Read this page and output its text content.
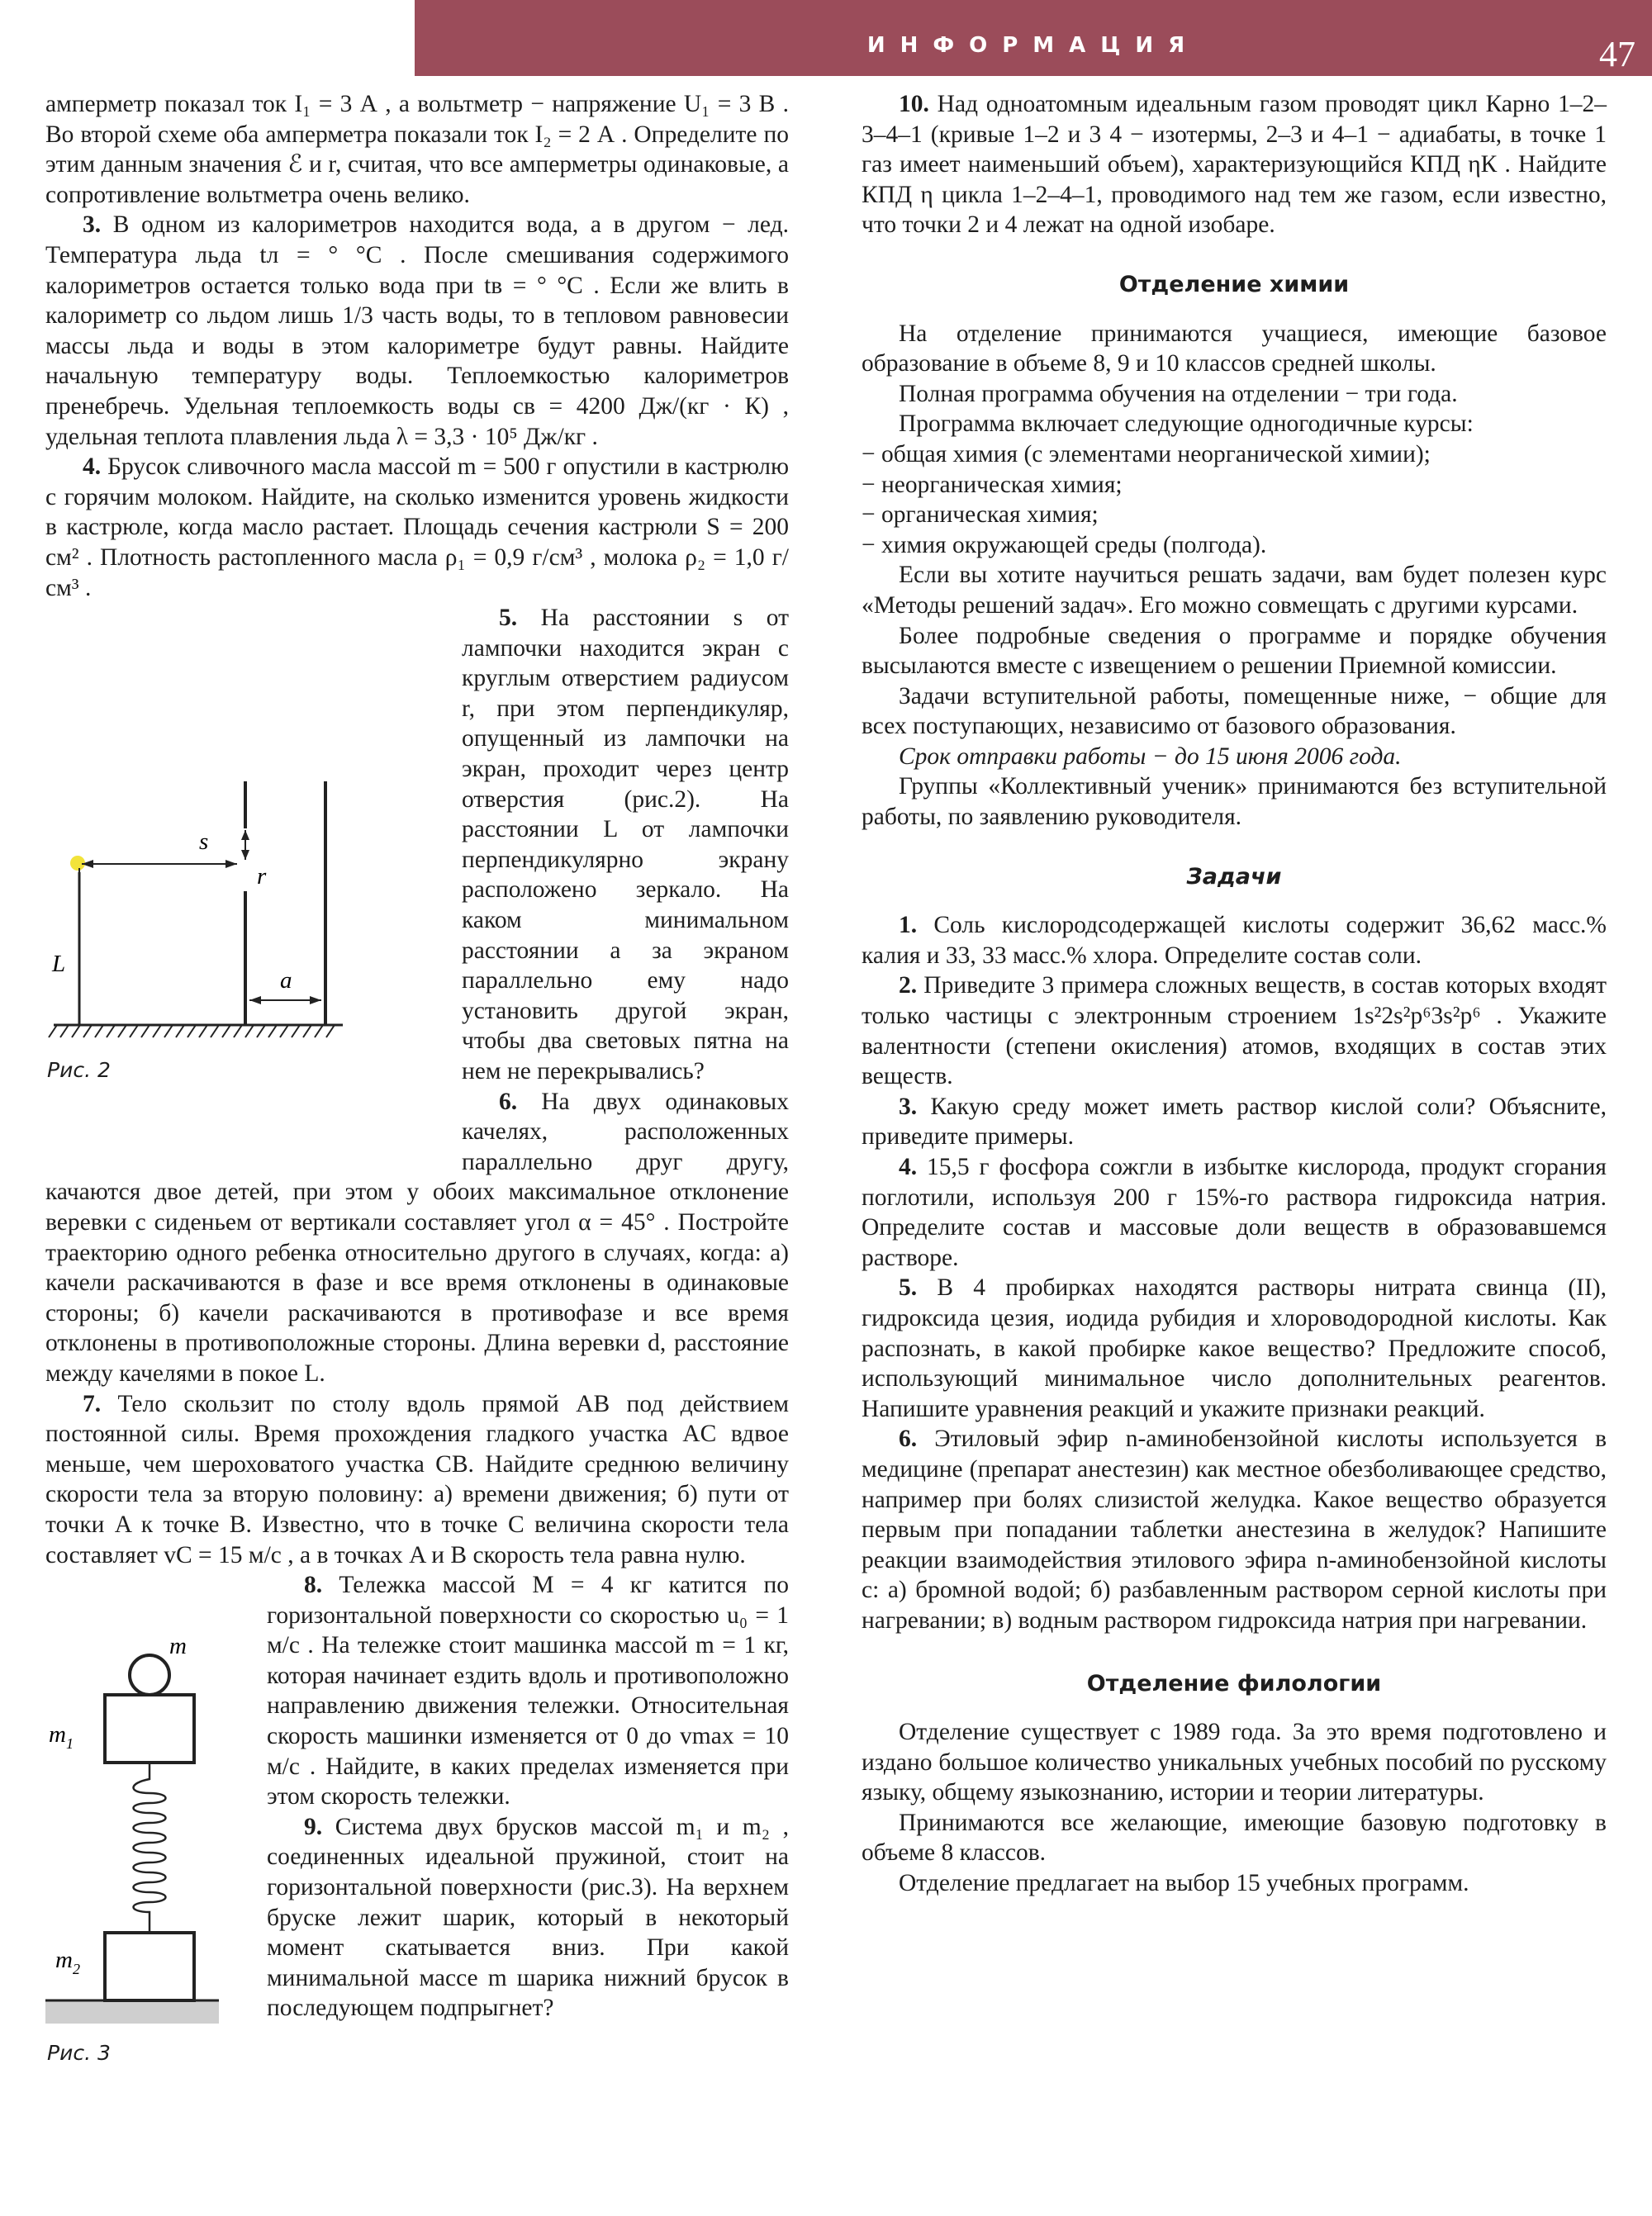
ИНФОРМАЦИЯ	47

амперметр показал ток I₁ = 3 А , а вольтметр − напряжение U₁ = 3 В . Во второй схеме оба амперметра показали ток I₂ = 2 А . Определите по этим данным значения ℰ и r, считая, что все амперметры одинаковые, а сопротивление вольтметра очень велико.

3. В одном из калориметров находится вода, а в другом − лед. Температура льда tл = ° °С . После смешивания содержимого калориметров остается только вода при tв = ° °С . Если же влить в калориметр со льдом лишь 1/3 часть воды, то в тепловом равновесии массы льда и воды в этом калориметре будут равны. Найдите начальную температуру воды. Теплоемкостью калориметров пренебречь. Удельная теплоемкость воды cв = 4200 Дж/(кг · К) , удельная теплота плавления льда λ = 3,3 · 10⁵ Дж/кг .

4. Брусок сливочного масла массой m = 500 г опустили в кастрюлю с горячим молоком. Найдите, на сколько изменится уровень жидкости в кастрюле, когда масло растает. Площадь сечения кастрюли S = 200 см² . Плотность растопленного масла ρ₁ = 0,9 г/см³ , молока ρ₂ = 1,0 г/см³ .

s
r
L
a
Рис. 2

5. На расстоянии s от лампочки находится экран с круглым отверстием радиусом r, при этом перпендикуляр, опущенный из лампочки на экран, проходит через центр отверстия (рис.2). На расстоянии L от лампочки перпендикулярно экрану расположено зеркало. На каком минимальном расстоянии a за экраном параллельно ему надо установить другой экран, чтобы два световых пятна на нем не перекрывались?

6. На двух одинаковых качелях, расположенных параллельно друг другу, качаются двое детей, при этом у обоих максимальное отклонение веревки с сиденьем от вертикали составляет угол α = 45° . Постройте траекторию одного ребенка относительно другого в случаях, когда: а) качели раскачиваются в фазе и все время отклонены в одинаковые стороны; б) качели раскачиваются в противофазе и все время отклонены в противоположные стороны. Длина веревки d, расстояние между качелями в покое L.

7. Тело скользит по столу вдоль прямой AB под действием постоянной силы. Время прохождения гладкого участка AC вдвое меньше, чем шероховатого участка CB. Найдите среднюю величину скорости тела за вторую половину: а) времени движения; б) пути от точки A к точке B. Известно, что в точке C величина скорости тела составляет vC = 15 м/с , а в точках A и B скорость тела равна нулю.

m
$m_1$
$m_2$
Рис. 3

8. Тележка массой M = 4 кг катится по горизонтальной поверхности со скоростью u₀ = 1 м/с . На тележке стоит машинка массой m = 1 кг, которая начинает ездить вдоль и противоположно направлению движения тележки. Относительная скорость машинки изменяется от 0 до vmax = 10 м/с . Найдите, в каких пределах изменяется при этом скорость тележки.

9. Система двух брусков массой m₁ и m₂ , соединенных идеальной пружиной, стоит на горизонтальной поверхности (рис.3). На верхнем бруске лежит шарик, который в некоторый момент скатывается вниз. При какой минимальной массе m шарика нижний брусок в последующем подпрыгнет?

10. Над одноатомным идеальным газом проводят цикл Карно 1–2–3–4–1 (кривые 1–2 и 3 4 − изотермы, 2–3 и 4–1 − адиабаты, в точке 1 газ имеет наименьший объем), характеризующийся КПД ηК . Найдите КПД η цикла 1–2–4–1, проводимого над тем же газом, если известно, что точки 2 и 4 лежат на одной изобаре.

Отделение химии

На отделение принимаются учащиеся, имеющие базовое образование в объеме 8, 9 и 10 классов средней школы.

Полная программа обучения на отделении − три года.

Программа включает следующие одногодичные курсы:

− общая химия (с элементами неорганической химии);

− неорганическая химия;

− органическая химия;

− химия окружающей среды (полгода).

Если вы хотите научиться решать задачи, вам будет полезен курс «Методы решений задач». Его можно совмещать с другими курсами.

Более подробные сведения о программе и порядке обучения высылаются вместе с извещением о решении Приемной комиссии.

Задачи вступительной работы, помещенные ниже, − общие для всех поступающих, независимо от базового образования.

Срок отправки работы − до 15 июня 2006 года.

Группы «Коллективный ученик» принимаются без вступительной работы, по заявлению руководителя.

Задачи

1. Соль кислородсодержащей кислоты содержит 36,62 масс.% калия и 33, 33 масс.% хлора. Определите состав соли.

2. Приведите 3 примера сложных веществ, в состав которых входят только частицы с электронным строением 1s²2s²p⁶3s²p⁶ . Укажите валентности (степени окисления) атомов, входящих в состав этих веществ.

3. Какую среду может иметь раствор кислой соли? Объясните, приведите примеры.

4. 15,5 г фосфора сожгли в избытке кислорода, продукт сгорания поглотили, используя 200 г 15%-го раствора гидроксида натрия. Определите состав и массовые доли веществ в образовавшемся растворе.

5. В 4 пробирках находятся растворы нитрата свинца (II), гидроксида цезия, иодида рубидия и хлороводородной кислоты. Как распознать, в какой пробирке какое вещество? Предложите способ, использующий минимальное число дополнительных реагентов. Напишите уравнения реакций и укажите признаки реакций.

6. Этиловый эфир n-аминобензойной кислоты используется в медицине (препарат анестезин) как местное обезболивающее средство, например при болях слизистой желудка. Какое вещество образуется первым при попадании таблетки анестезина в желудок? Напишите реакции взаимодействия этилового эфира n-аминобензойной кислоты с: а) бромной водой; б) разбавленным раствором серной кислоты при нагревании; в) водным раствором гидроксида натрия при нагревании.

Отделение филологии

Отделение существует с 1989 года. За это время подготовлено и издано большое количество уникальных учебных пособий по русскому языку, общему языкознанию, истории и теории литературы.

Принимаются все желающие, имеющие базовую подготовку в объеме 8 классов.

Отделение предлагает на выбор 15 учебных программ.
